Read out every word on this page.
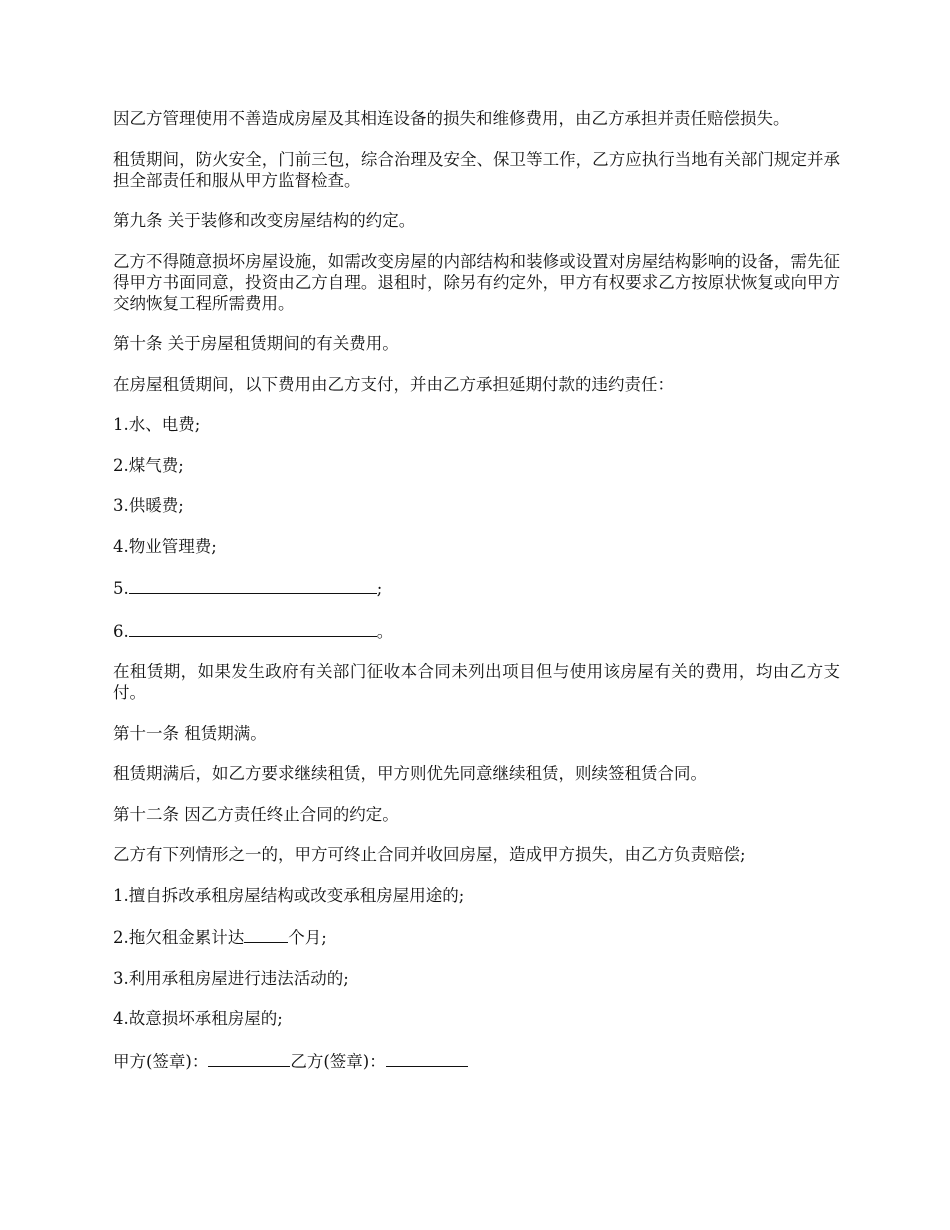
因乙方管理使用不善造成房屋及其相连设备的损失和维修费用，由乙方承担并责任赔偿损失。

租赁期间，防火安全，门前三包，综合治理及安全、保卫等工作，乙方应执行当地有关部门规定并承担全部责任和服从甲方监督检查。

第九条 关于装修和改变房屋结构的约定。

乙方不得随意损坏房屋设施，如需改变房屋的内部结构和装修或设置对房屋结构影响的设备，需先征得甲方书面同意，投资由乙方自理。退租时，除另有约定外，甲方有权要求乙方按原状恢复或向甲方交纳恢复工程所需费用。

第十条 关于房屋租赁期间的有关费用。

在房屋租赁期间，以下费用由乙方支付，并由乙方承担延期付款的违约责任：

1.水、电费;

2.煤气费;

3.供暖费;

4.物业管理费;

5.	;

6.	。

在租赁期，如果发生政府有关部门征收本合同未列出项目但与使用该房屋有关的费用，均由乙方支付。

第十一条 租赁期满。

租赁期满后，如乙方要求继续租赁，甲方则优先同意继续租赁，则续签租赁合同。

第十二条 因乙方责任终止合同的约定。

乙方有下列情形之一的，甲方可终止合同并收回房屋，造成甲方损失，由乙方负责赔偿;

1.擅自拆改承租房屋结构或改变承租房屋用途的;

2.拖欠租金累计达	个月;

3.利用承租房屋进行违法活动的;

4.故意损坏承租房屋的;

甲方(签章)：	乙方(签章)：
